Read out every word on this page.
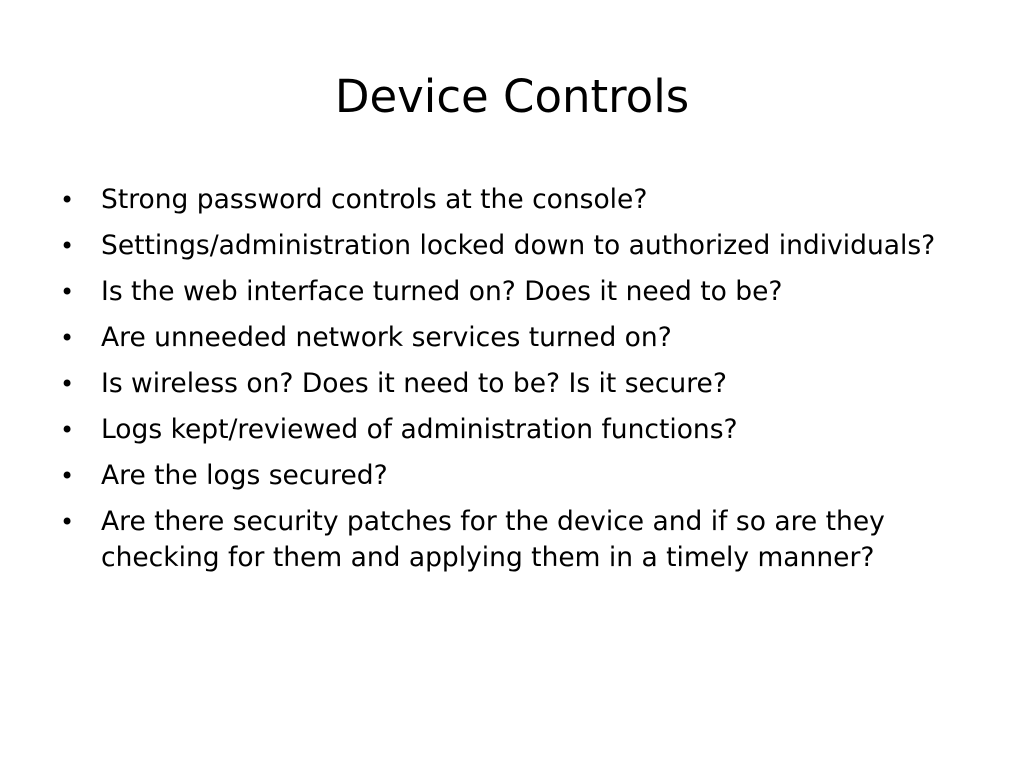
Device Controls
• Strong password controls at the console?
• Settings/administration locked down to authorized individuals?
• Is the web interface turned on? Does it need to be?
• Are unneeded network services turned on?
• Is wireless on? Does it need to be? Is it secure?
• Logs kept/reviewed of administration functions?
• Are the logs secured?
• Are there security patches for the device and if so are they checking for them and applying them in a timely manner?
